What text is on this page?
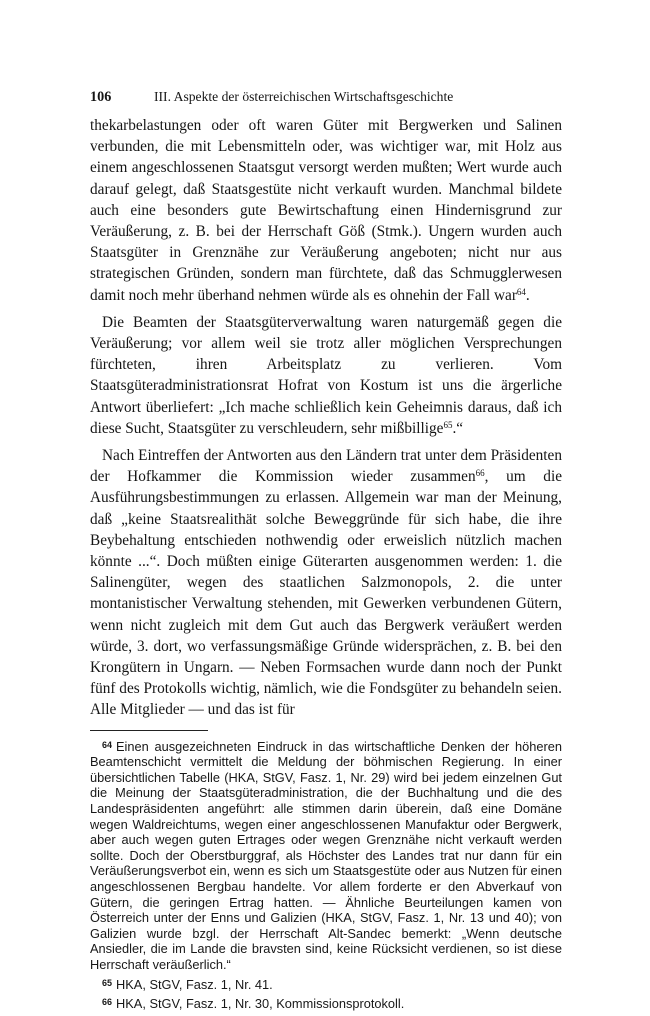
106	III. Aspekte der österreichischen Wirtschaftsgeschichte

thekarbelastungen oder oft waren Güter mit Bergwerken und Salinen verbunden, die mit Lebensmitteln oder, was wichtiger war, mit Holz aus einem angeschlossenen Staatsgut versorgt werden mußten; Wert wurde auch darauf gelegt, daß Staatsgestüte nicht verkauft wurden. Manchmal bildete auch eine besonders gute Bewirtschaftung einen Hindernisgrund zur Veräußerung, z. B. bei der Herrschaft Göß (Stmk.). Ungern wurden auch Staatsgüter in Grenznähe zur Veräußerung angeboten; nicht nur aus strategischen Gründen, sondern man fürchtete, daß das Schmugglerwesen damit noch mehr überhand nehmen würde als es ohnehin der Fall war$^{64}$.

Die Beamten der Staatsgüterverwaltung waren naturgemäß gegen die Veräußerung; vor allem weil sie trotz aller möglichen Versprechungen fürchteten, ihren Arbeitsplatz zu verlieren. Vom Staatsgüteradministrationsrat Hofrat von Kostum ist uns die ärgerliche Antwort überliefert: „Ich mache schließlich kein Geheimnis daraus, daß ich diese Sucht, Staatsgüter zu verschleudern, sehr mißbillige$^{65}$.“

Nach Eintreffen der Antworten aus den Ländern trat unter dem Präsidenten der Hofkammer die Kommission wieder zusammen$^{66}$, um die Ausführungsbestimmungen zu erlassen. Allgemein war man der Meinung, daß „keine Staatsrealithät solche Beweggründe für sich habe, die ihre Beybehaltung entschieden nothwendig oder erweislich nützlich machen könnte ...“. Doch müßten einige Güterarten ausgenommen werden: 1. die Salinengüter, wegen des staatlichen Salzmonopols, 2. die unter montanistischer Verwaltung stehenden, mit Gewerken verbundenen Gütern, wenn nicht zugleich mit dem Gut auch das Bergwerk veräußert werden würde, 3. dort, wo verfassungsmäßige Gründe widersprächen, z. B. bei den Krongütern in Ungarn. — Neben Formsachen wurde dann noch der Punkt fünf des Protokolls wichtig, nämlich, wie die Fondsgüter zu behandeln seien. Alle Mitglieder — und das ist für

$^{64}$ Einen ausgezeichneten Eindruck in das wirtschaftliche Denken der höheren Beamtenschicht vermittelt die Meldung der böhmischen Regierung. In einer übersichtlichen Tabelle (HKA, StGV, Fasz. 1, Nr. 29) wird bei jedem einzelnen Gut die Meinung der Staatsgüteradministration, die der Buchhaltung und die des Landespräsidenten angeführt: alle stimmen darin überein, daß eine Domäne wegen Waldreichtums, wegen einer angeschlossenen Manufaktur oder Bergwerk, aber auch wegen guten Ertrages oder wegen Grenznähe nicht verkauft werden sollte. Doch der Oberstburggraf, als Höchster des Landes trat nur dann für ein Veräußerungsverbot ein, wenn es sich um Staatsgestüte oder aus Nutzen für einen angeschlossenen Bergbau handelte. Vor allem forderte er den Abverkauf von Gütern, die geringen Ertrag hatten. — Ähnliche Beurteilungen kamen von Österreich unter der Enns und Galizien (HKA, StGV, Fasz. 1, Nr. 13 und 40); von Galizien wurde bzgl. der Herrschaft Alt-Sandec bemerkt: „Wenn deutsche Ansiedler, die im Lande die bravsten sind, keine Rücksicht verdienen, so ist diese Herrschaft veräußerlich.“

$^{65}$ HKA, StGV, Fasz. 1, Nr. 41.

$^{66}$ HKA, StGV, Fasz. 1, Nr. 30, Kommissionsprotokoll.
